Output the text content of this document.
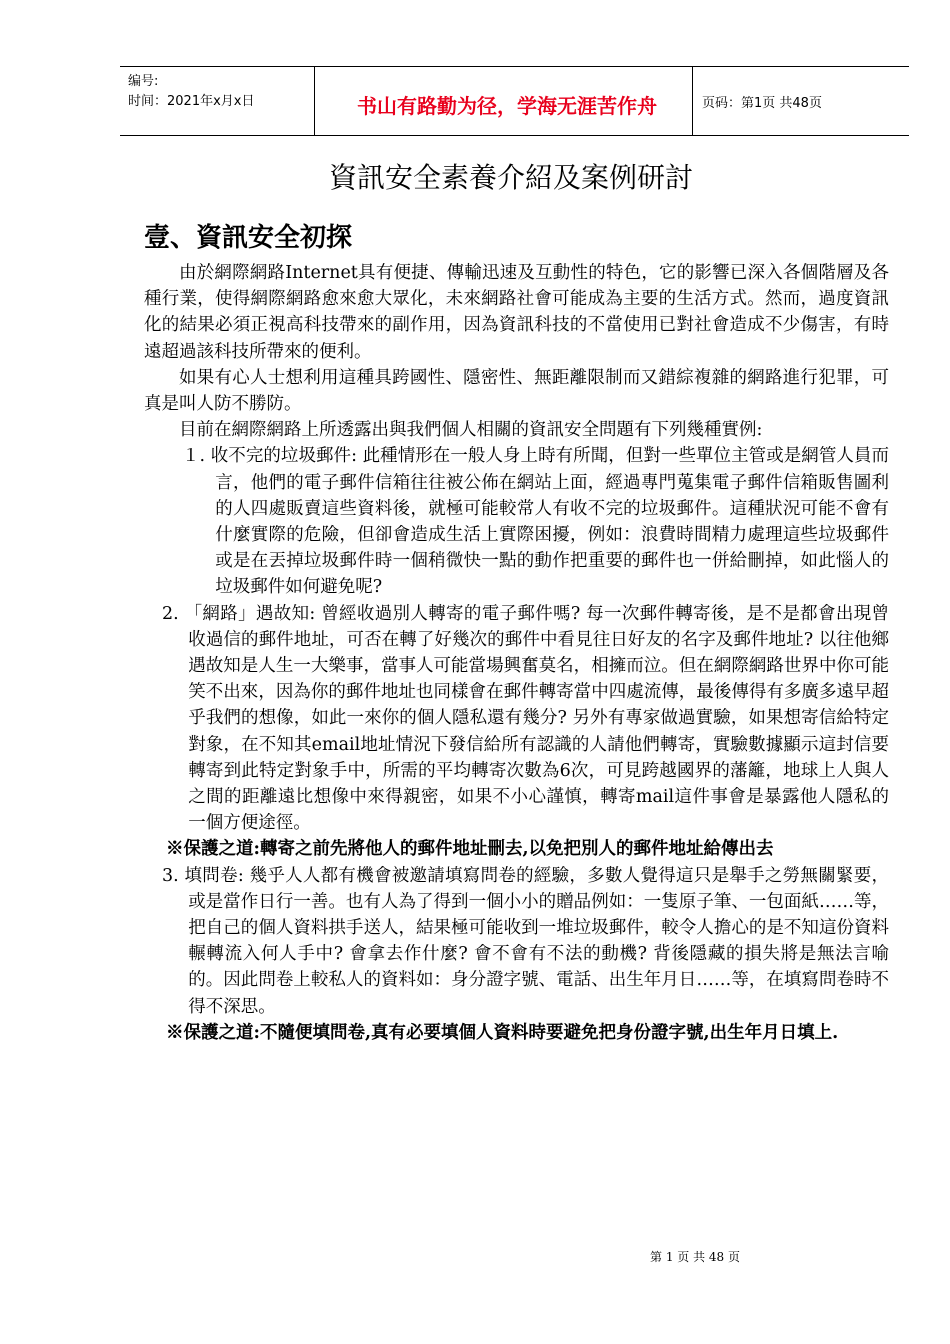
编号:
时间：2021年x月x日	书山有路勤为径，学海无涯苦作舟	页码：第1页 共48页
資訊安全素養介紹及案例研討
壹、資訊安全初探

由於網際網路Internet具有便捷、傳輸迅速及互動性的特色，它的影響已深入各個階層及各種行業，使得網際網路愈來愈大眾化，未來網路社會可能成為主要的生活方式。然而，過度資訊化的結果必須正視高科技帶來的副作用，因為資訊科技的不當使用已對社會造成不少傷害，有時遠超過該科技所帶來的便利。

如果有心人士想利用這種具跨國性、隱密性、無距離限制而又錯綜複雜的網路進行犯罪，可真是叫人防不勝防。

目前在網際網路上所透露出與我們個人相關的資訊安全問題有下列幾種實例:

１. 收不完的垃圾郵件: 此種情形在一般人身上時有所聞，但對一些單位主管或是網管人員而言，他們的電子郵件信箱往往被公佈在網站上面，經過專門蒐集電子郵件信箱販售圖利的人四處販賣這些資料後，就極可能較常人有收不完的垃圾郵件。這種狀況可能不會有什麼實際的危險，但卻會造成生活上實際困擾，例如：浪費時間精力處理這些垃圾郵件或是在丟掉垃圾郵件時一個稍微快一點的動作把重要的郵件也一併給刪掉，如此惱人的垃圾郵件如何避免呢?

2. 「網路」遇故知: 曾經收過別人轉寄的電子郵件嗎? 每一次郵件轉寄後，是不是都會出現曾收過信的郵件地址，可否在轉了好幾次的郵件中看見往日好友的名字及郵件地址? 以往他鄉遇故知是人生一大樂事，當事人可能當場興奮莫名，相擁而泣。但在網際網路世界中你可能笑不出來，因為你的郵件地址也同樣會在郵件轉寄當中四處流傳，最後傳得有多廣多遠早超乎我們的想像，如此一來你的個人隱私還有幾分? 另外有專家做過實驗，如果想寄信給特定對象，在不知其email地址情況下發信給所有認識的人請他們轉寄，實驗數據顯示這封信要轉寄到此特定對象手中，所需的平均轉寄次數為6次，可見跨越國界的藩籬，地球上人與人之間的距離遠比想像中來得親密，如果不小心謹慎，轉寄mail這件事會是暴露他人隱私的一個方便途徑。

※保護之道:轉寄之前先將他人的郵件地址刪去,以免把別人的郵件地址給傳出去

3. 填問卷: 幾乎人人都有機會被邀請填寫問卷的經驗，多數人覺得這只是舉手之勞無關緊要，或是當作日行一善。也有人為了得到一個小小的贈品例如：一隻原子筆、一包面紙……等，把自己的個人資料拱手送人，結果極可能收到一堆垃圾郵件，較令人擔心的是不知這份資料輾轉流入何人手中? 會拿去作什麼? 會不會有不法的動機? 背後隱藏的損失將是無法言喻的。因此問卷上較私人的資料如：身分證字號、電話、出生年月日……等，在填寫問卷時不得不深思。

※保護之道:不隨便填問卷,真有必要填個人資料時要避免把身份證字號,出生年月日填上.

第 1 页 共 48 页
